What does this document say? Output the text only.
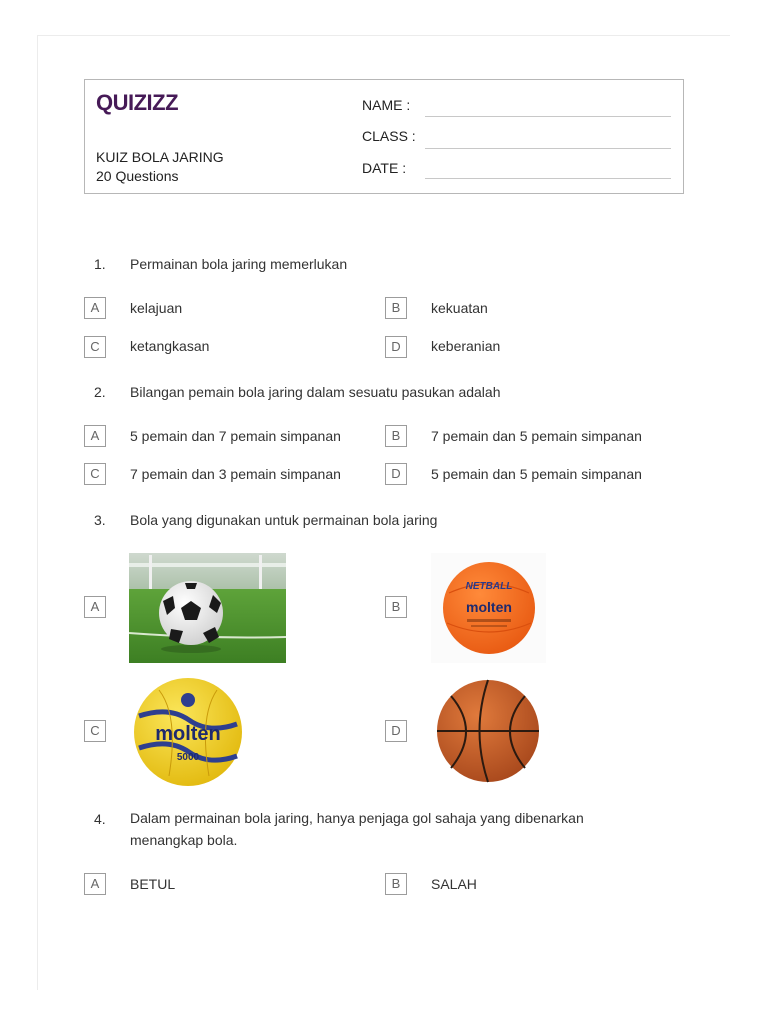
QUIZIZZ
KUIZ BOLA JARING
20 Questions
NAME :
CLASS :
DATE :
1. Permainan bola jaring memerlukan
A	kelajuan	B	kekuatan
C	ketangkasan	D	keberanian
2. Bilangan pemain bola jaring dalam sesuatu pasukan adalah
A	5 pemain dan 7 pemain simpanan	B	7 pemain dan 5 pemain simpanan
C	7 pemain dan 3 pemain simpanan	D	5 pemain dan 5 pemain simpanan
3. Bola yang digunakan untuk permainan bola jaring
A	B
NETBALL
molten
C	molten
5000
D
4. Dalam permainan bola jaring, hanya penjaga gol sahaja yang dibenarkan menangkap bola.
A	BETUL	B	SALAH
